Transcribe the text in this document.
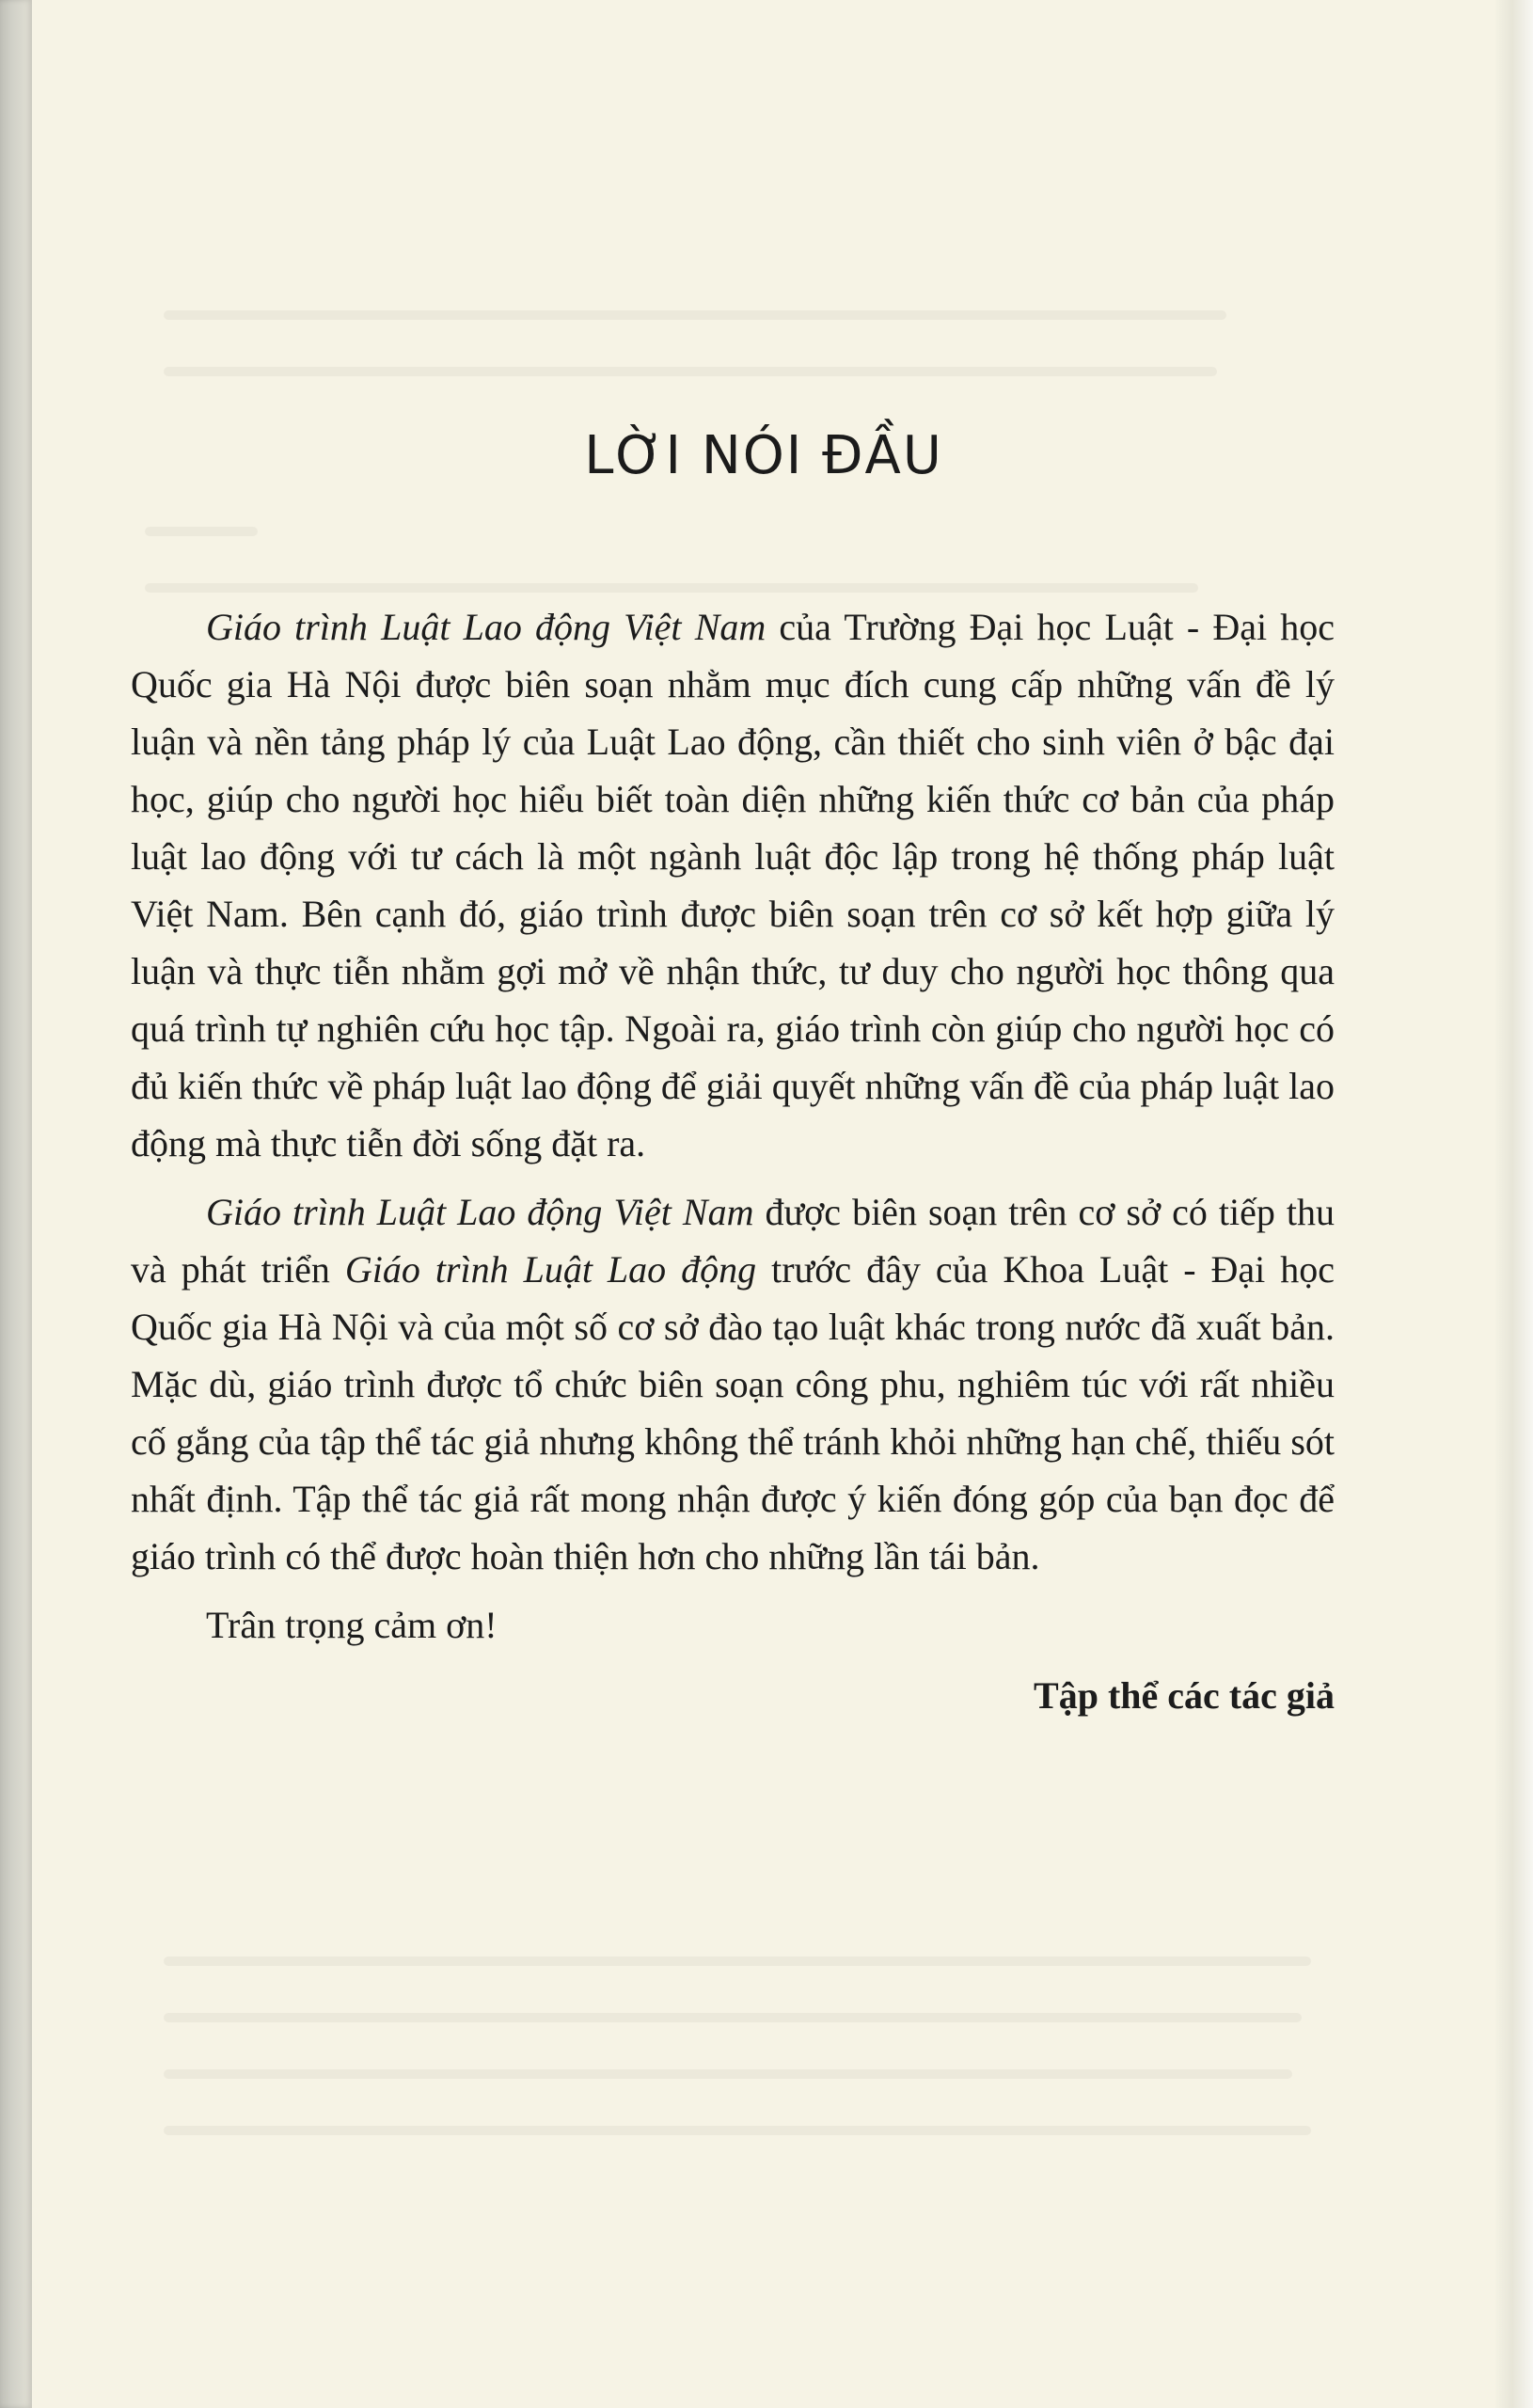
LỜI NÓI ĐẦU

Giáo trình Luật Lao động Việt Nam của Trường Đại học Luật - Đại học Quốc gia Hà Nội được biên soạn nhằm mục đích cung cấp những vấn đề lý luận và nền tảng pháp lý của Luật Lao động, cần thiết cho sinh viên ở bậc đại học, giúp cho người học hiểu biết toàn diện những kiến thức cơ bản của pháp luật lao động với tư cách là một ngành luật độc lập trong hệ thống pháp luật Việt Nam. Bên cạnh đó, giáo trình được biên soạn trên cơ sở kết hợp giữa lý luận và thực tiễn nhằm gợi mở về nhận thức, tư duy cho người học thông qua quá trình tự nghiên cứu học tập. Ngoài ra, giáo trình còn giúp cho người học có đủ kiến thức về pháp luật lao động để giải quyết những vấn đề của pháp luật lao động mà thực tiễn đời sống đặt ra.

Giáo trình Luật Lao động Việt Nam được biên soạn trên cơ sở có tiếp thu và phát triển Giáo trình Luật Lao động trước đây của Khoa Luật - Đại học Quốc gia Hà Nội và của một số cơ sở đào tạo luật khác trong nước đã xuất bản. Mặc dù, giáo trình được tổ chức biên soạn công phu, nghiêm túc với rất nhiều cố gắng của tập thể tác giả nhưng không thể tránh khỏi những hạn chế, thiếu sót nhất định. Tập thể tác giả rất mong nhận được ý kiến đóng góp của bạn đọc để giáo trình có thể được hoàn thiện hơn cho những lần tái bản.

Trân trọng cảm ơn!

Tập thể các tác giả
